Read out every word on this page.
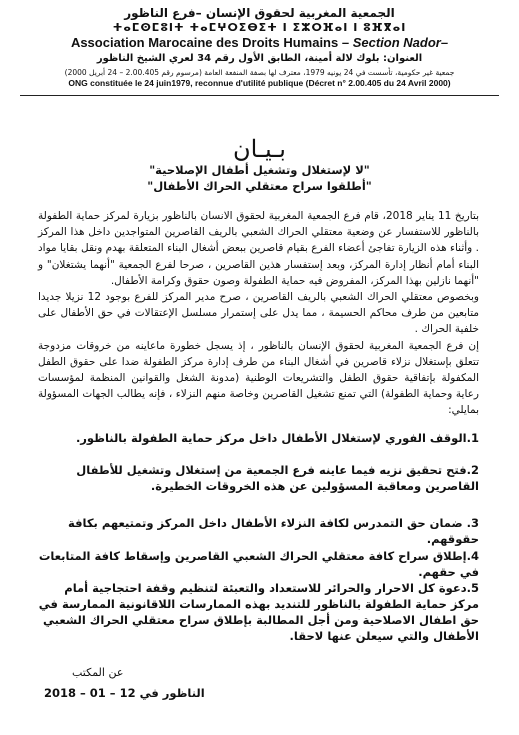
الجمعية المغربية لحقوق الإنسان –فرع الناظور
ⵜⴰⵎⵙⵎⵓⵏⵜ ⵜⴰⵎⵖⵔⵉⴱⵉⵜ ⵏ ⵉⵣⵔⴼⴰⵏ ⵏ ⵓⴼⴳⴰⵏ
Association Marocaine des Droits Humains – Section Nador–
العنوان: بلوك لالة أمينة، الطابق الأول رقم 34 لعري الشيخ الناظور
جمعية غير حكومية، تأسست في 24 يونيه 1979، معترف لها بصفة المنفعة العامة (مرسوم رقم 2.00.405 – 24 أبريل 2000)
ONG constituée le 24 juin1979, reconnue d'utilité publique (Décret n° 2.00.405 du 24 Avril 2000)
بـيـان
"لا لإستغلال وتشغيل أطفال الإصلاحية"
"أطلقوا سراح معتقلي الحراك الأطفال"

بتاريخ 11 يناير 2018، قام فرع الجمعية المغربية لحقوق الانسان بالناظور بزيارة لمركز حماية الطفولة بالناظور للاستفسار عن وضعية معتقلي الحراك الشعبي بالريف القاصرين المتواجدين داخل هذا المركز . وأثناء هذه الزيارة تفاجئ أعضاء الفرع بقيام قاصرين ببعض أشغال البناء المتعلقة بهدم ونقل بقايا مواد البناء أمام أنظار إدارة المركز، وبعد إستفسار هذين القاصرين ، صرحا لفرع الجمعية "أنهما يشتغلان" و "أنهما نازلين بهذا المركز، المفروض فيه حماية الطفولة وصون حقوق وكرامة الأطفال.

وبخصوص معتقلي الحراك الشعبي بالريف القاصرين ، صرح مدير المركز للفرع بوجود 12 نزيلا جديدا متابعين من طرف محاكم الحسيمة ، مما يدل على إستمرار مسلسل الإعتقالات في حق الأطفال على خلفية الحراك .

إن فرع الجمعية المغربية لحقوق الإنسان بالناظور ، إذ يسجل خطورة ماعاينه من خروقات مزدوجة تتعلق بإستغلال نزلاء قاصرين في أشغال البناء من طرف إدارة مركز الطفولة ضدا على حقوق الطفل المكفولة بإتفاقية حقوق الطفل والتشريعات الوطنية (مدونة الشغل والقوانين المنظمة لمؤسسات رعاية وحماية الطفولة) التي تمنع تشغيل القاصرين وخاصة منهم النزلاء ، فإنه يطالب الجهات المسؤولة بمايلي:

1.الوقف الفوري لإستغلال الأطفال داخل مركز حماية الطفولة بالناظور.
2.فتح تحقيق نزيه فيما عاينه فرع الجمعية من إستغلال وتشغيل للأطفال القاصرين ومعاقبة المسؤولين عن هذه الخروقات الخطيرة.
3. ضمان حق التمدرس لكافة النزلاء الأطفال داخل المركز وتمتيعهم بكافة حقوقهم.
4.إطلاق سراح كافة معتقلي الحراك الشعبي القاصرين وإسقاط كافة المتابعات في حقهم.
5.دعوة كل الاحرار والحرائر للاستعداد والتعبئة لتنظيم وقفة احتجاجية أمام مركز حماية الطفولة بالناظور للتنديد بهذه الممارسات اللاقانونية الممارسة في حق اطفال الاصلاحية ومن أجل المطالبة بإطلاق سراح معتقلي الحراك الشعبي الأطفال والتي سيعلن عنها لاحقا.
عن المكتب
الناظور في 12 – 01 – 2018
